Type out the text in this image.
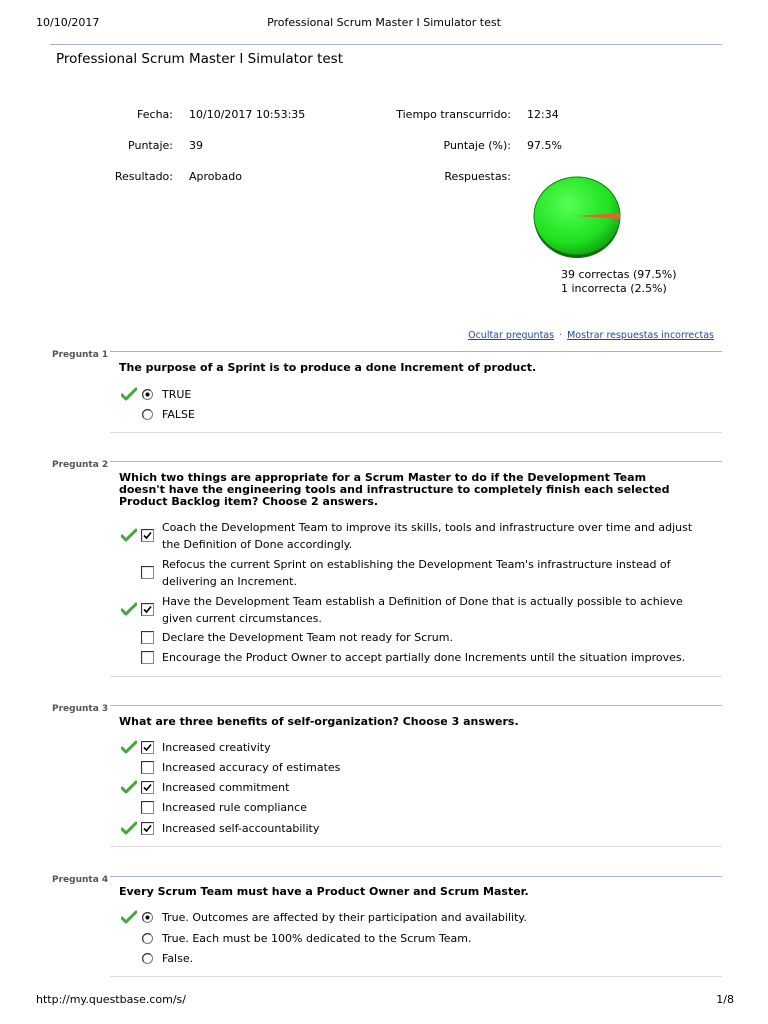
10/10/2017	Professional Scrum Master I Simulator test
Professional Scrum Master I Simulator test
Fecha: 10/10/2017 10:53:35	Tiempo transcurrido: 12:34
Puntaje: 39	Puntaje (%): 97.5%
Resultado: Aprobado	Respuestas:
39 correctas (97.5%)
1 incorrecta (2.5%)
Ocultar preguntas · Mostrar respuestas incorrectas
Pregunta 1
The purpose of a Sprint is to produce a done Increment of product.
TRUE
FALSE
Pregunta 2
Which two things are appropriate for a Scrum Master to do if the Development Team doesn't have the engineering tools and infrastructure to completely finish each selected Product Backlog item? Choose 2 answers.
Coach the Development Team to improve its skills, tools and infrastructure over time and adjust the Definition of Done accordingly.
Refocus the current Sprint on establishing the Development Team's infrastructure instead of delivering an Increment.
Have the Development Team establish a Definition of Done that is actually possible to achieve given current circumstances.
Declare the Development Team not ready for Scrum.
Encourage the Product Owner to accept partially done Increments until the situation improves.
Pregunta 3
What are three benefits of self-organization? Choose 3 answers.
Increased creativity
Increased accuracy of estimates
Increased commitment
Increased rule compliance
Increased self-accountability
Pregunta 4
Every Scrum Team must have a Product Owner and Scrum Master.
True. Outcomes are affected by their participation and availability.
True. Each must be 100% dedicated to the Scrum Team.
False.
http://my.questbase.com/s/	1/8
